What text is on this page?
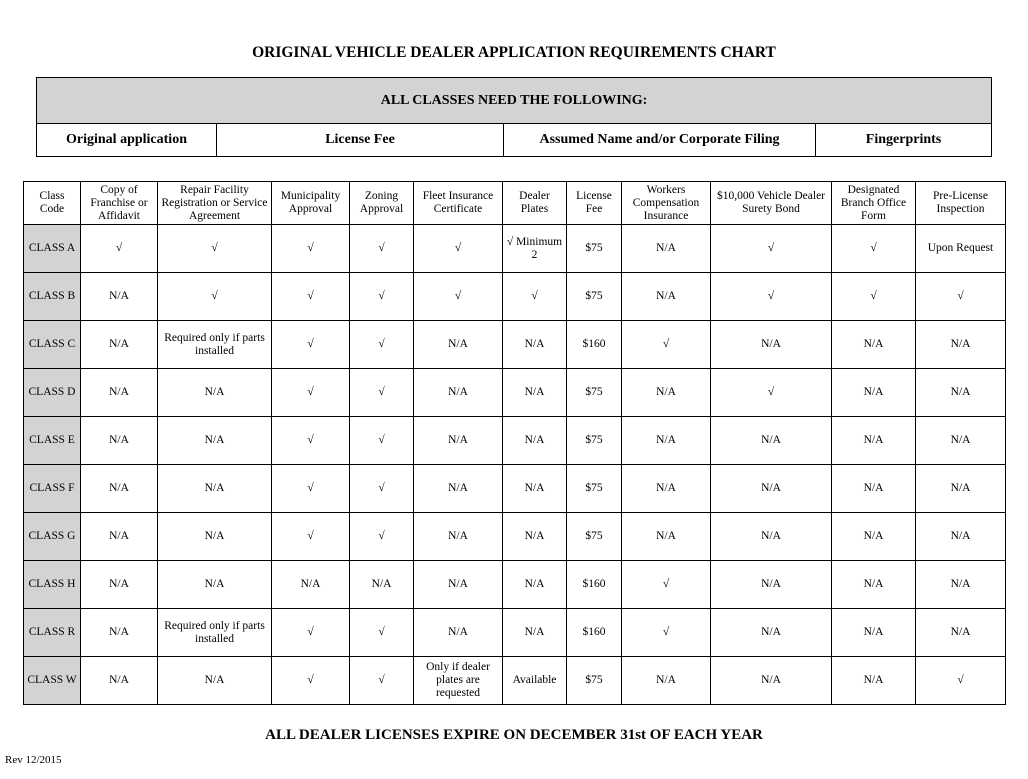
ORIGINAL VEHICLE DEALER APPLICATION REQUIREMENTS CHART
ALL CLASSES NEED THE FOLLOWING:
Original application	License Fee	Assumed Name and/or Corporate Filing	Fingerprints
Class Code	Copy of Franchise or Affidavit	Repair Facility Registration or Service Agreement	Municipality Approval	Zoning Approval	Fleet Insurance Certificate	Dealer Plates	License Fee	Workers Compensation Insurance	$10,000 Vehicle Dealer Surety Bond	Designated Branch Office Form	Pre-License Inspection
CLASS A	√	√	√	√	√	√ Minimum 2	$75	N/A	√	√	Upon Request
CLASS B	N/A	√	√	√	√	√	$75	N/A	√	√	√
CLASS C	N/A	Required only if parts installed	√	√	N/A	N/A	$160	√	N/A	N/A	N/A
CLASS D	N/A	N/A	√	√	N/A	N/A	$75	N/A	√	N/A	N/A
CLASS E	N/A	N/A	√	√	N/A	N/A	$75	N/A	N/A	N/A	N/A
CLASS F	N/A	N/A	√	√	N/A	N/A	$75	N/A	N/A	N/A	N/A
CLASS G	N/A	N/A	√	√	N/A	N/A	$75	N/A	N/A	N/A	N/A
CLASS H	N/A	N/A	N/A	N/A	N/A	N/A	$160	√	N/A	N/A	N/A
CLASS R	N/A	Required only if parts installed	√	√	N/A	N/A	$160	√	N/A	N/A	N/A
CLASS W	N/A	N/A	√	√	Only if dealer plates are requested	Available	$75	N/A	N/A	N/A	√
ALL DEALER LICENSES EXPIRE ON DECEMBER 31st OF EACH YEAR
Rev 12/2015
